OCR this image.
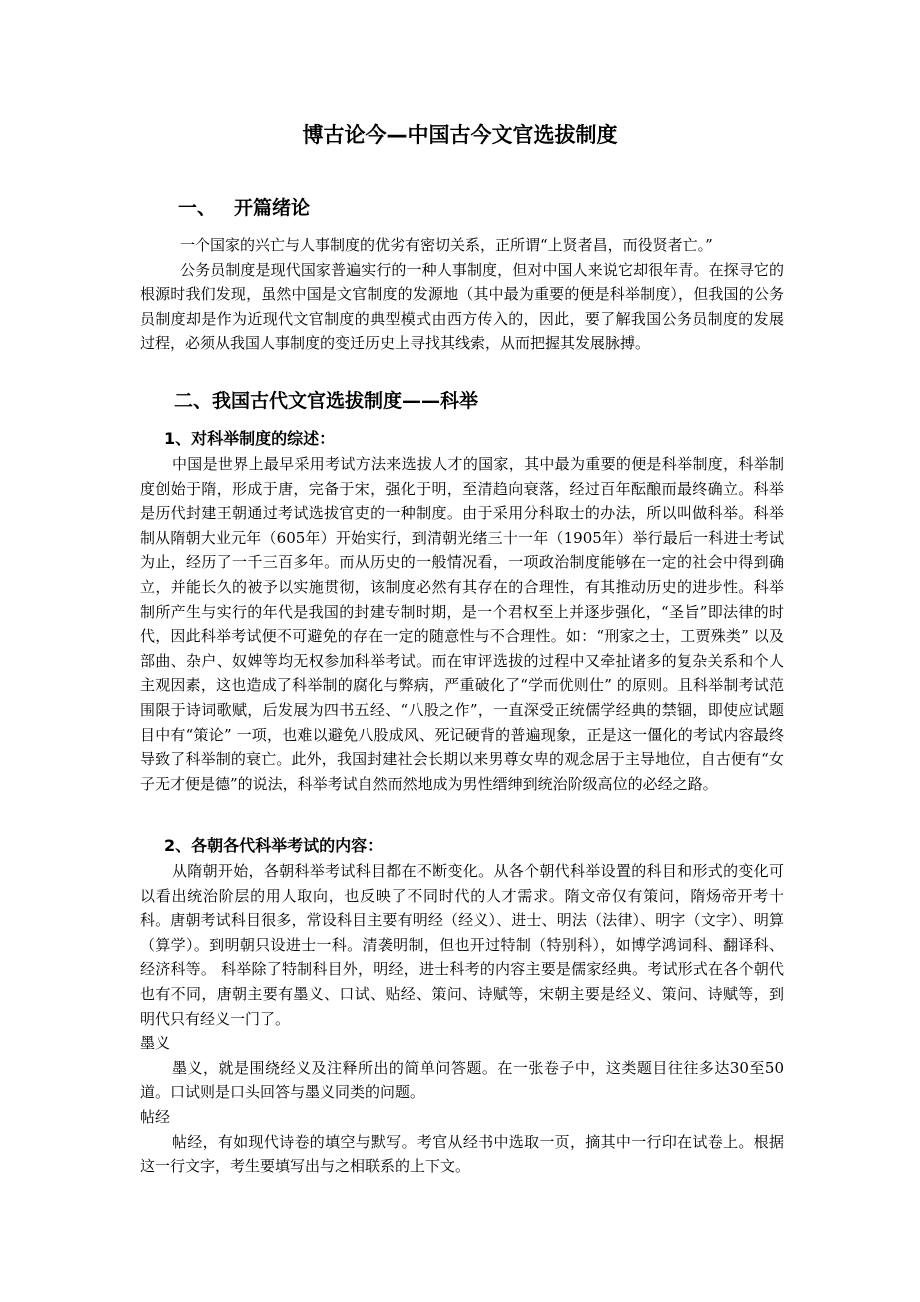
博古论今—中国古今文官选拔制度
一、 开篇绪论

一个国家的兴亡与人事制度的优劣有密切关系，正所谓“上贤者昌，而役贤者亡。”

公务员制度是现代国家普遍实行的一种人事制度，但对中国人来说它却很年青。在探寻它的根源时我们发现，虽然中国是文官制度的发源地（其中最为重要的便是科举制度），但我国的公务员制度却是作为近现代文官制度的典型模式由西方传入的，因此，要了解我国公务员制度的发展过程，必须从我国人事制度的变迁历史上寻找其线索，从而把握其发展脉搏。

二、我国古代文官选拔制度——科举
1、对科举制度的综述：

中国是世界上最早采用考试方法来选拔人才的国家，其中最为重要的便是科举制度，科举制度创始于隋，形成于唐，完备于宋，强化于明，至清趋向衰落，经过百年酝酿而最终确立。科举是历代封建王朝通过考试选拔官吏的一种制度。由于采用分科取士的办法，所以叫做科举。科举制从隋朝大业元年（605年）开始实行，到清朝光绪三十一年（1905年）举行最后一科进士考试为止，经历了一千三百多年。而从历史的一般情况看，一项政治制度能够在一定的社会中得到确立，并能长久的被予以实施贯彻，该制度必然有其存在的合理性，有其推动历史的进步性。科举制所产生与实行的年代是我国的封建专制时期，是一个君权至上并逐步强化，“圣旨”即法律的时代，因此科举考试便不可避免的存在一定的随意性与不合理性。如：“刑家之士，工贾殊类” 以及部曲、杂户、奴婢等均无权参加科举考试。而在审评选拔的过程中又牵扯诸多的复杂关系和个人主观因素，这也造成了科举制的腐化与弊病，严重破化了“学而优则仕” 的原则。且科举制考试范围限于诗词歌赋，后发展为四书五经、“八股之作”，一直深受正统儒学经典的禁锢，即使应试题目中有“策论” 一项，也难以避免八股成风、死记硬背的普遍现象，正是这一僵化的考试内容最终导致了科举制的衰亡。此外，我国封建社会长期以来男尊女卑的观念居于主导地位，自古便有“女子无才便是德”的说法，科举考试自然而然地成为男性缙绅到统治阶级高位的必经之路。

2、各朝各代科举考试的内容：

从隋朝开始，各朝科举考试科目都在不断变化。从各个朝代科举设置的科目和形式的变化可以看出统治阶层的用人取向，也反映了不同时代的人才需求。隋文帝仅有策问，隋炀帝开考十科。唐朝考试科目很多，常设科目主要有明经（经义）、进士、明法（法律）、明字（文字）、明算（算学）。到明朝只设进士一科。清袭明制，但也开过特制（特别科），如博学鸿词科、翻译科、经济科等。 科举除了特制科目外，明经，进士科考的内容主要是儒家经典。考试形式在各个朝代也有不同，唐朝主要有墨义、口试、贴经、策问、诗赋等，宋朝主要是经义、策问、诗赋等，到明代只有经义一门了。

墨义

墨义，就是围绕经义及注释所出的简单问答题。在一张卷子中，这类题目往往多达30至50道。口试则是口头回答与墨义同类的问题。

帖经

帖经，有如现代诗卷的填空与默写。考官从经书中选取一页，摘其中一行印在试卷上。根据这一行文字，考生要填写出与之相联系的上下文。
